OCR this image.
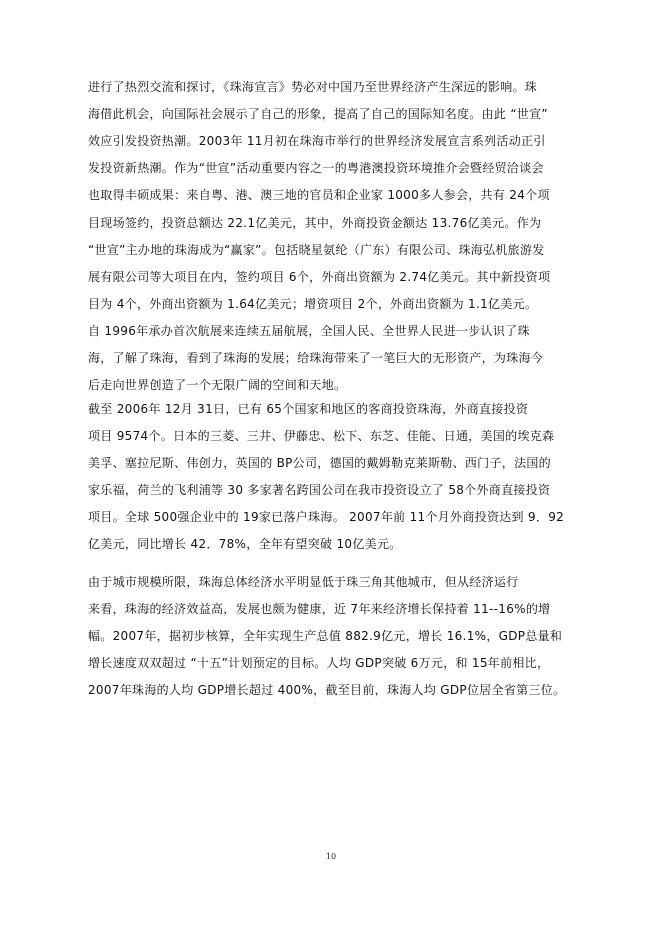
进行了热烈交流和探讨，《珠海宣言》势必对中国乃至世界经济产生深远的影响。珠
海借此机会，向国际社会展示了自己的形象，提高了自己的国际知名度。由此 “世宣”
效应引发投资热潮。2003年 11月初在珠海市举行的世界经济发展宣言系列活动正引
发投资新热潮。作为“世宣”活动重要内容之一的粤港澳投资环境推介会暨经贸洽谈会
也取得丰硕成果：来自粤、港、澳三地的官员和企业家 1000多人参会，共有 24个项
目现场签约，投资总额达 22.1亿美元，其中，外商投资金额达 13.76亿美元。作为
“世宣”主办地的珠海成为“赢家”。包括晓星氨纶（广东）有限公司、珠海弘机旅游发
展有限公司等大项目在内，签约项目 6个，外商出资额为 2.74亿美元。其中新投资项
目为 4个，外商出资额为 1.64亿美元；增资项目 2个，外商出资额为 1.1亿美元。
自 1996年承办首次航展来连续五届航展，全国人民、全世界人民进一步认识了珠
海，了解了珠海，看到了珠海的发展；给珠海带来了一笔巨大的无形资产，为珠海今
后走向世界创造了一个无限广阔的空间和天地。
截至 2006年 12月 31日，已有 65个国家和地区的客商投资珠海，外商直接投资
项目 9574个。日本的三菱、三井、伊藤忠、松下、东芝、佳能、日通，美国的埃克森
美孚、塞拉尼斯、伟创力，英国的 BP公司，德国的戴姆勒克莱斯勒、西门子，法国的
家乐福，荷兰的飞利浦等 30 多家著名跨国公司在我市投资设立了 58个外商直接投资
项目。全球 500强企业中的 19家已落户珠海。 2007年前 11个月外商投资达到 9．92
亿美元，同比增长 42．78%，全年有望突破 10亿美元。
由于城市规模所限，珠海总体经济水平明显低于珠三角其他城市，但从经济运行
来看，珠海的经济效益高，发展也颇为健康，近 7年来经济增长保持着 11--16%的增
幅。2007年，据初步核算，全年实现生产总值 882.9亿元，增长 16.1%，GDP总量和
增长速度双双超过 “十五”计划预定的目标。人均 GDP突破 6万元，和 15年前相比，
2007年珠海的人均 GDP增长超过 400%，截至目前，珠海人均 GDP位居全省第三位。
10
